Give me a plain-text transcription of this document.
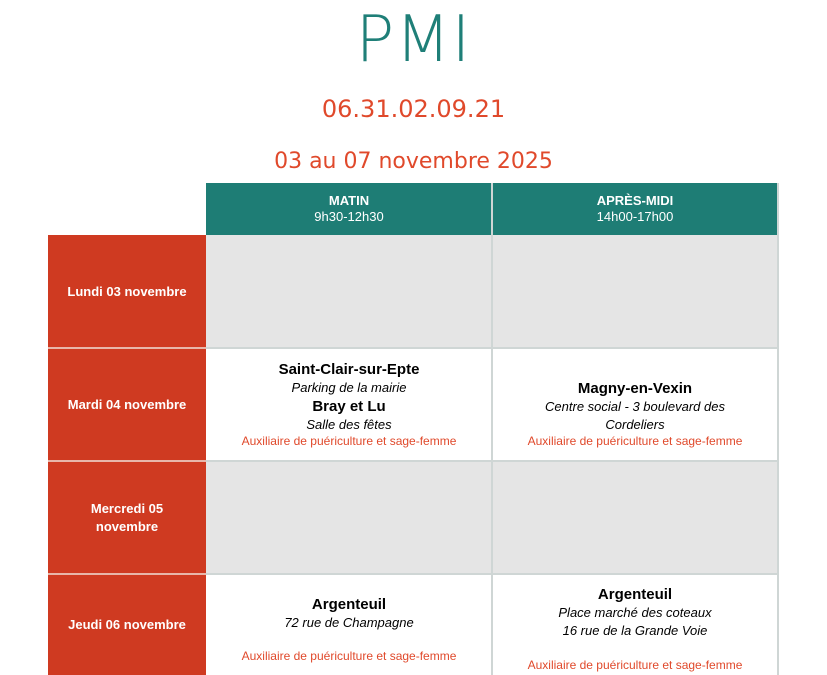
PMI
06.31.02.09.21
03 au 07 novembre 2025
MATIN
9h30-12h30
APRÈS-MIDI
14h00-17h00
Lundi 03 novembre
Mardi 04 novembre
Mercredi 05
novembre
Jeudi 06 novembre
Saint-Clair-sur-Epte
Parking de la mairie
Bray et Lu
Salle des fêtes
Auxiliaire de puériculture et sage-femme
Magny-en-Vexin
Centre social - 3 boulevard des
Cordeliers
Auxiliaire de puériculture et sage-femme
Argenteuil
72 rue de Champagne
Auxiliaire de puériculture et sage-femme
Argenteuil
Place marché des coteaux
16 rue de la Grande Voie
Auxiliaire de puériculture et sage-femme
